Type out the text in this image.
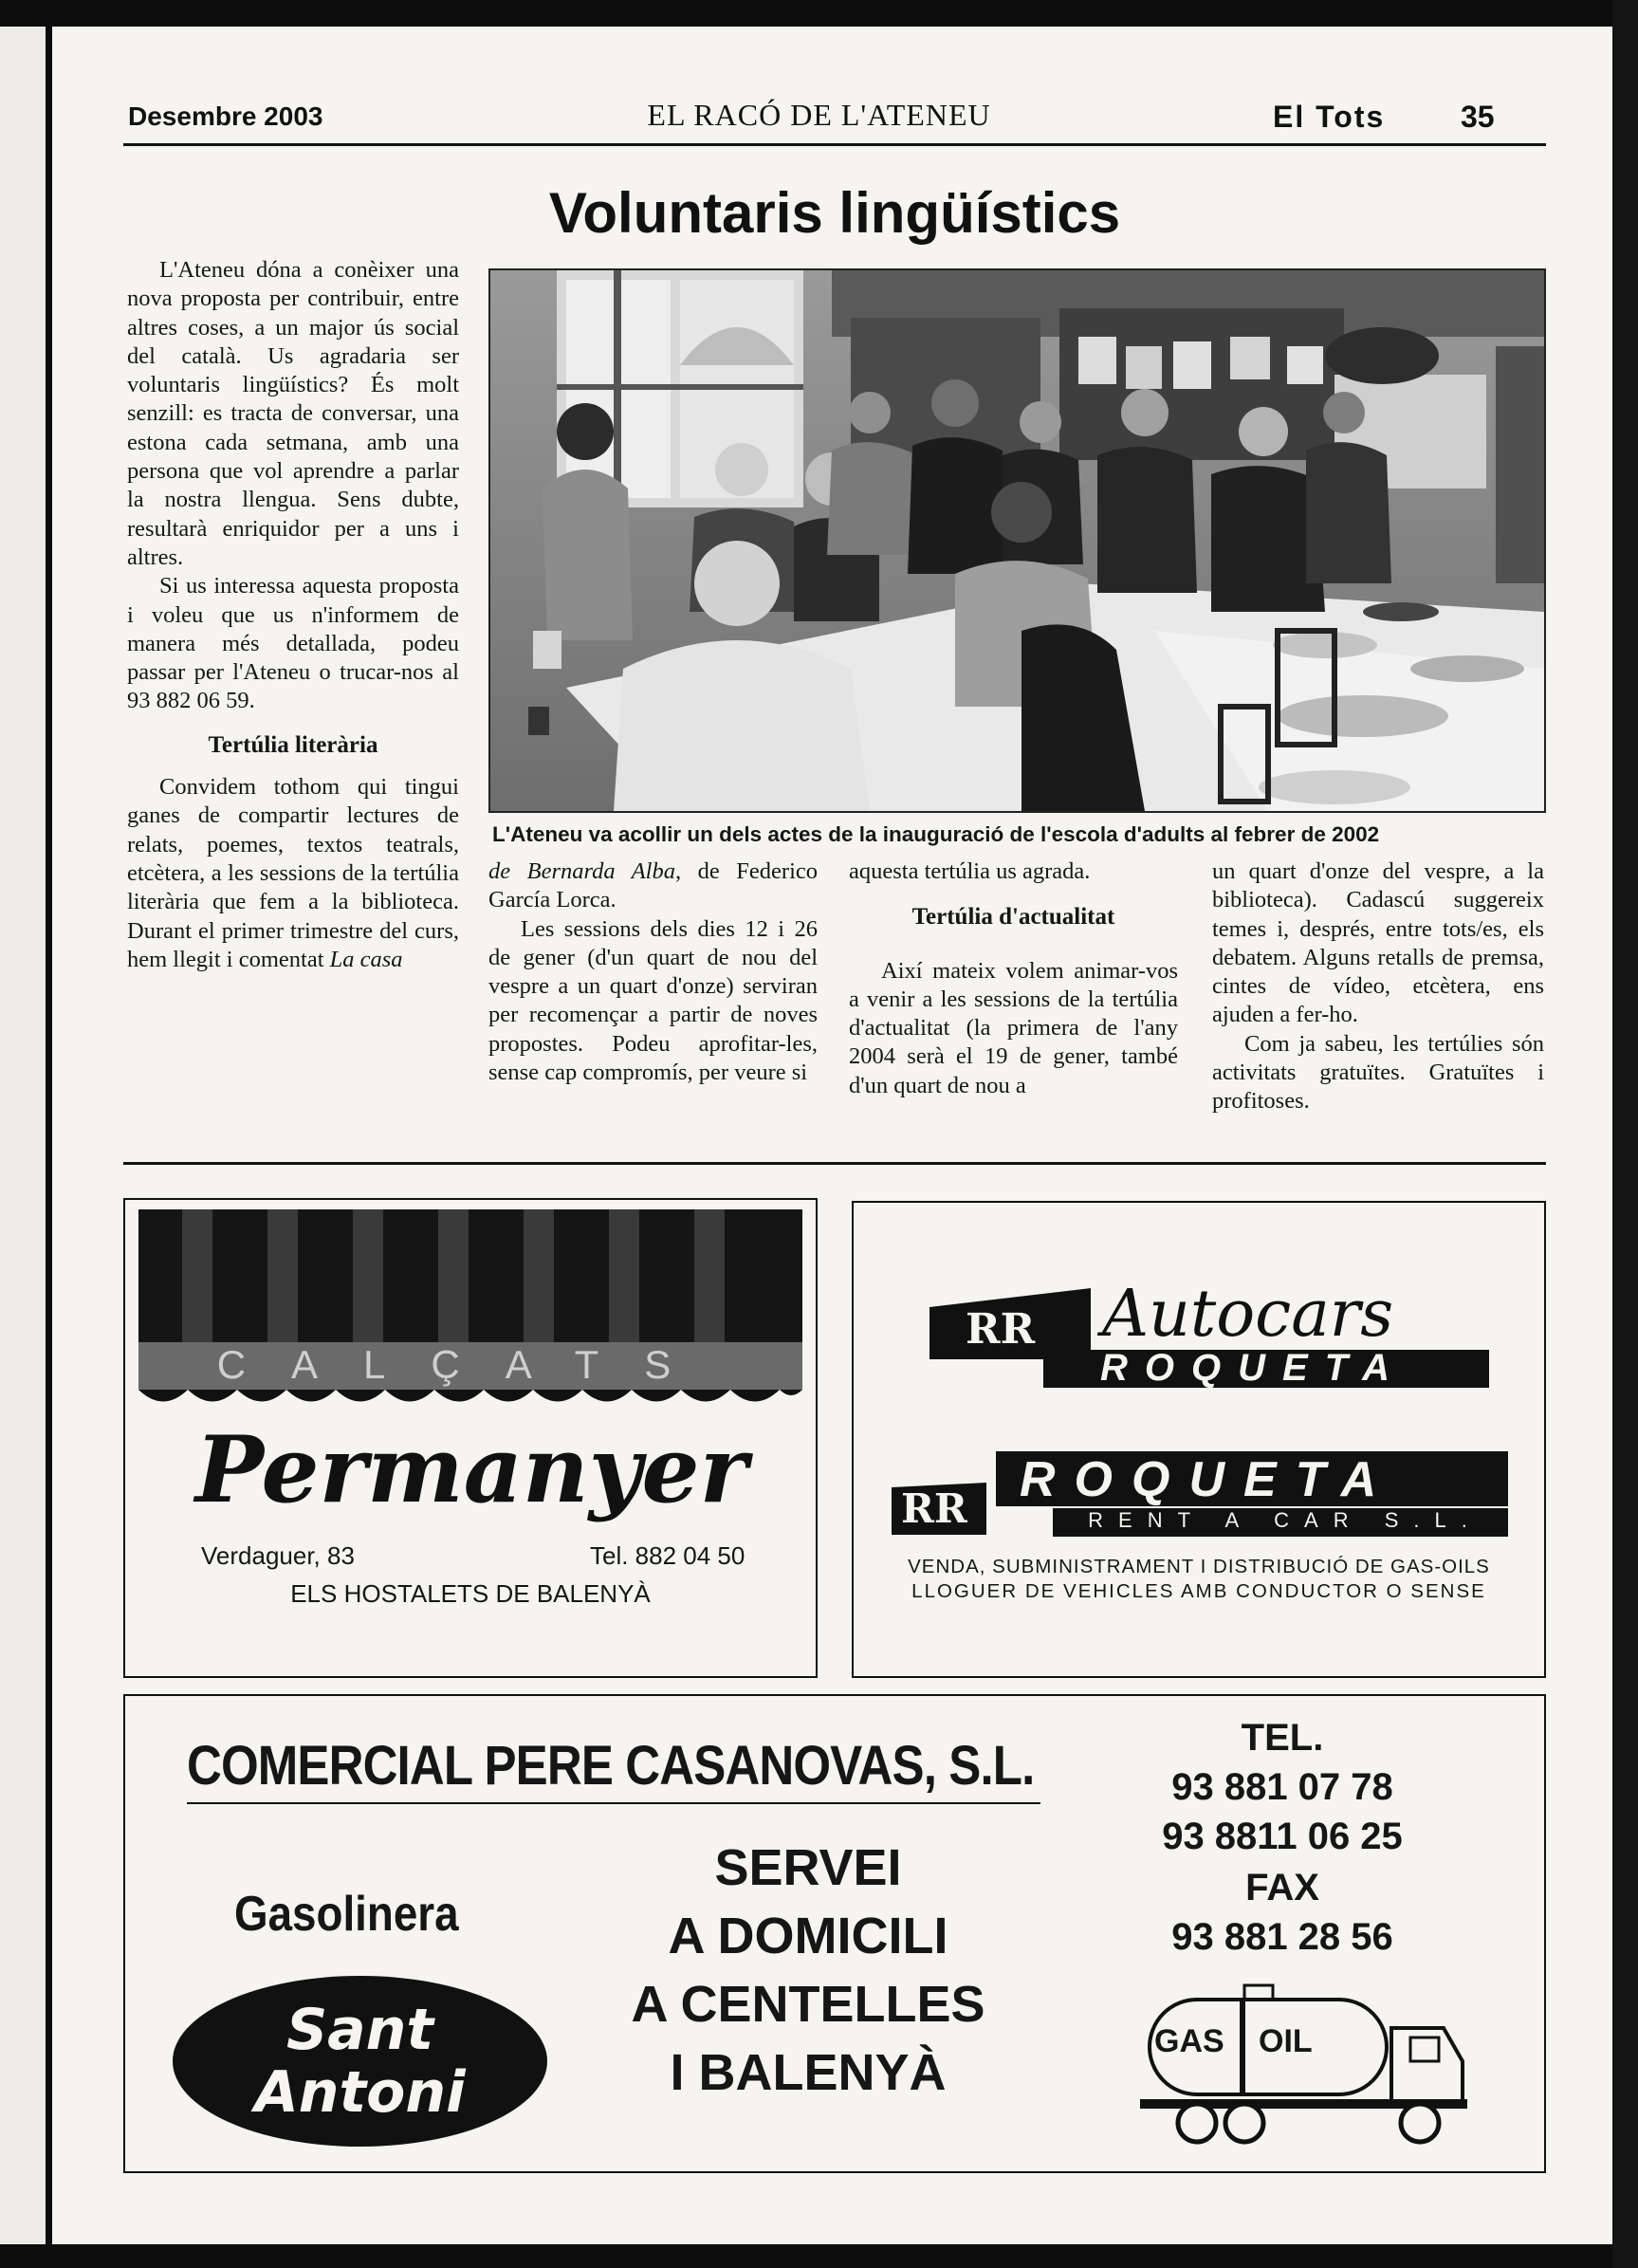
Desembre 2003	EL RACÓ DE L'ATENEU	El Tots 35
Voluntaris lingüístics
L'Ateneu va acollir un dels actes de la inauguració de l'escola d'adults al febrer de 2002

L'Ateneu dóna a conèixer una nova proposta per contribuir, entre altres coses, a un major ús social del català. Us agradaria ser voluntaris lingüístics? És molt senzill: es tracta de conversar, una estona cada setmana, amb una persona que vol aprendre a parlar la nostra llengua. Sens dubte, resultarà enriquidor per a uns i altres.

Si us interessa aquesta proposta i voleu que us n'informem de manera més detallada, podeu passar per l'Ateneu o trucar-nos al 93 882 06 59.

Tertúlia literària

Convidem tothom qui tingui ganes de compartir lectures de relats, poemes, textos teatrals, etcètera, a les sessions de la tertúlia literària que fem a la biblioteca. Durant el primer trimestre del curs, hem llegit i comentat La casa

de Bernarda Alba, de Federico García Lorca.

Les sessions dels dies 12 i 26 de gener (d'un quart de nou del vespre a un quart d'onze) serviran per recomençar a partir de noves propostes. Podeu aprofitar-les, sense cap compromís, per veure si

aquesta tertúlia us agrada.

Tertúlia d'actualitat

Així mateix volem animar-vos a venir a les sessions de la tertúlia d'actualitat (la primera de l'any 2004 serà el 19 de gener, també d'un quart de nou a

un quart d'onze del vespre, a la biblioteca). Cadascú suggereix temes i, després, entre tots/es, els debatem. Alguns retalls de premsa, cintes de vídeo, etcètera, ens ajuden a fer-ho.

Com ja sabeu, les tertúlies són activitats gratuïtes. Gratuïtes i profitoses.

CALÇATS
Permanyer
Verdaguer, 83	Tel. 882 04 50
ELS HOSTALETS DE BALENYÀ
RR Autocars
ROQUETA
RR
ROQUETA
RENT A CAR S.L.
VENDA, SUBMINISTRAMENT I DISTRIBUCIÓ DE GAS-OILS
LLOGUER DE VEHICLES AMB CONDUCTOR O SENSE
COMERCIAL PERE CASANOVAS, S.L.
Gasolinera
Sant
Antoni
SERVEI
A DOMICILI
A CENTELLES
I BALENYÀ
TEL.
93 881 07 78
93 8811 06 25
FAX
93 881 28 56
GAS OIL
